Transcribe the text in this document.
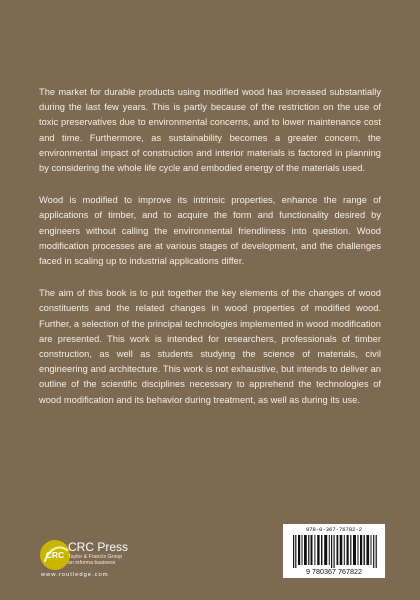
The market for durable products using modified wood has increased substantially during the last few years. This is partly because of the restriction on the use of toxic preservatives due to environmental concerns, and to lower maintenance cost and time. Furthermore, as sustainability becomes a greater concern, the environmental impact of construction and interior materials is factored in planning by considering the whole life cycle and embodied energy of the materials used.

Wood is modified to improve its intrinsic properties, enhance the range of applications of timber, and to acquire the form and functionality desired by engineers without calling the environmental friendliness into question. Wood modification processes are at various stages of development, and the challenges faced in scaling up to industrial applications differ.

The aim of this book is to put together the key elements of the changes of wood constituents and the related changes in wood properties of modified wood. Further, a selection of the principal technologies implemented in wood modification are presented. This work is intended for researchers, professionals of timber construction, as well as students studying the science of materials, civil engineering and architecture. This work is not exhaustive, but intends to deliver an outline of the scientific disciplines necessary to apprehend the technologies of wood modification and its behavior during treatment, as well as during its use.

CRC
CRC Press
Taylor & Francis Group
an informa business
www.routledge.com
978-0-367-76782-2
9 780367 767822
